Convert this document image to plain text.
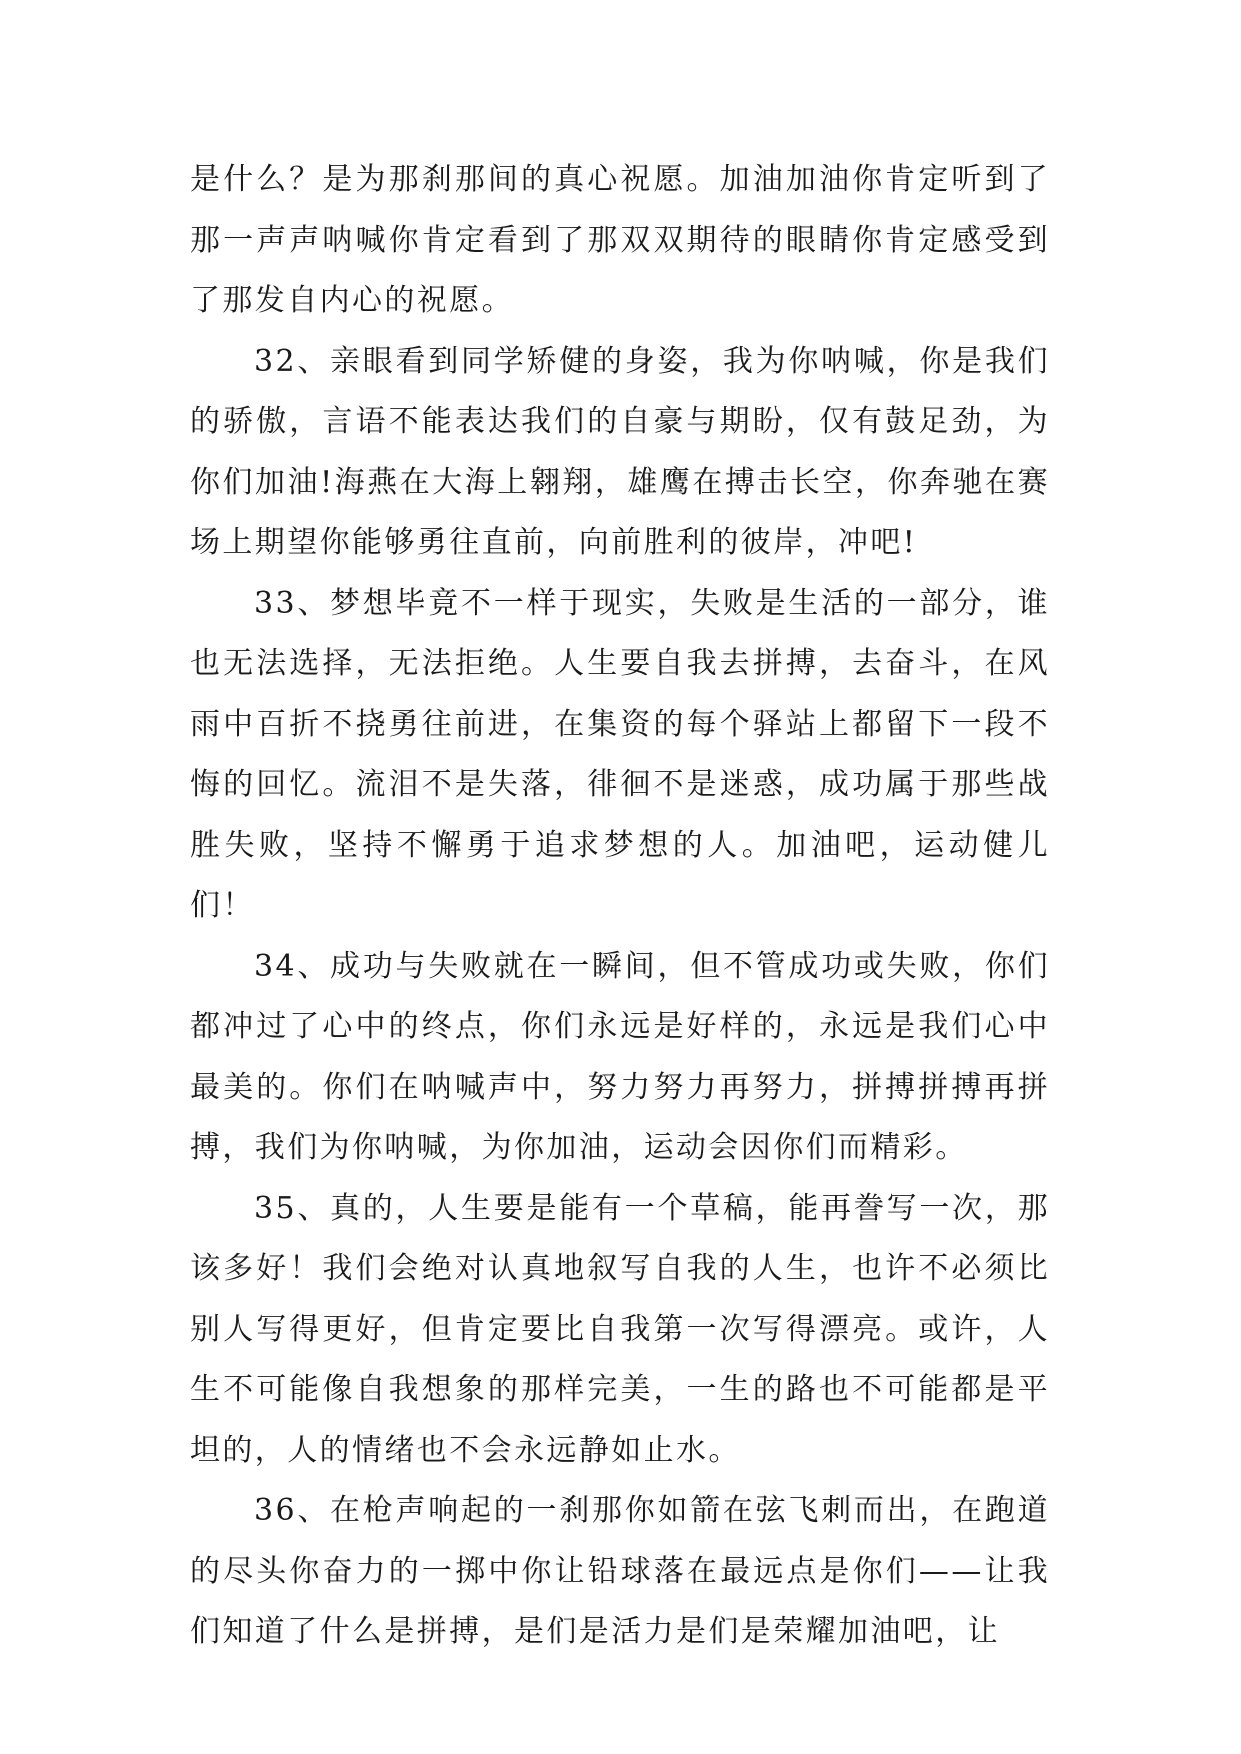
是什么？是为那刹那间的真心祝愿。加油加油你肯定听到了那一声声呐喊你肯定看到了那双双期待的眼睛你肯定感受到了那发自内心的祝愿。

32、亲眼看到同学矫健的身姿，我为你呐喊，你是我们的骄傲，言语不能表达我们的自豪与期盼，仅有鼓足劲，为你们加油!海燕在大海上翱翔，雄鹰在搏击长空，你奔驰在赛场上期望你能够勇往直前，向前胜利的彼岸，冲吧!

33、梦想毕竟不一样于现实，失败是生活的一部分，谁也无法选择，无法拒绝。人生要自我去拼搏，去奋斗，在风雨中百折不挠勇往前进，在集资的每个驿站上都留下一段不悔的回忆。流泪不是失落，徘徊不是迷惑，成功属于那些战胜失败，坚持不懈勇于追求梦想的人。加油吧，运动健儿们！

34、成功与失败就在一瞬间，但不管成功或失败，你们都冲过了心中的终点，你们永远是好样的，永远是我们心中最美的。你们在呐喊声中，努力努力再努力，拼搏拼搏再拼搏，我们为你呐喊，为你加油，运动会因你们而精彩。

35、真的，人生要是能有一个草稿，能再誊写一次，那该多好！我们会绝对认真地叙写自我的人生，也许不必须比别人写得更好，但肯定要比自我第一次写得漂亮。或许，人生不可能像自我想象的那样完美，一生的路也不可能都是平坦的，人的情绪也不会永远静如止水。

36、在枪声响起的一刹那你如箭在弦飞刺而出，在跑道的尽头你奋力的一掷中你让铅球落在最远点是你们——让我们知道了什么是拼搏，是们是活力是们是荣耀加油吧，让
